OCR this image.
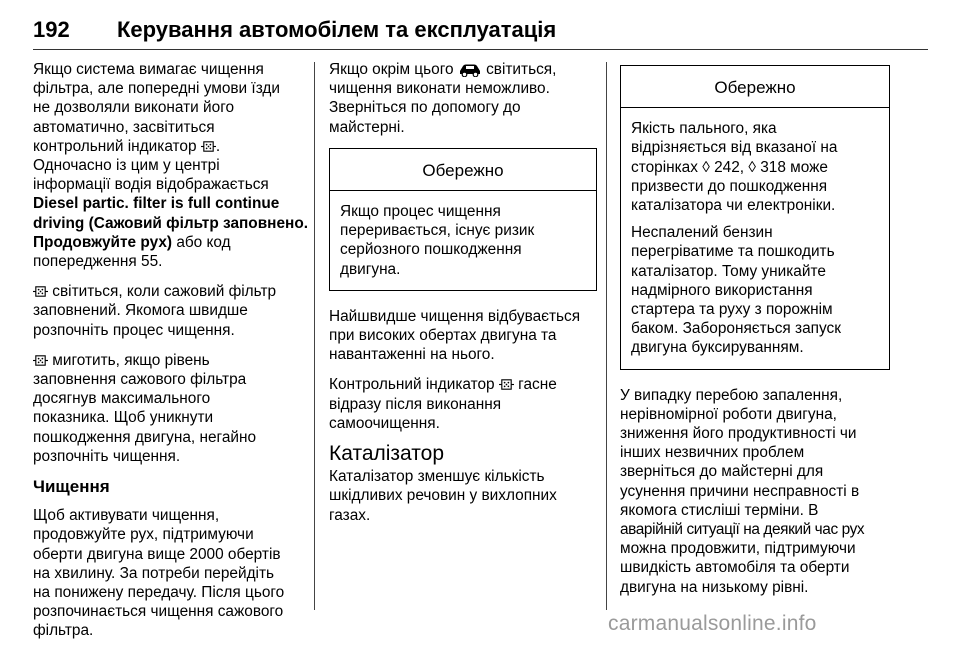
192 Керування автомобілем та експлуатація

Якщо система вимагає чищення
фільтра, але попередні умови їзди
не дозволяли виконати його
автоматично, засвітиться
контрольний індикатор .
Одночасно із цим у центрі
інформації водія відображається
Diesel partic. filter is full continue
driving (Сажовий фільтр заповнено.
Продовжуйте рух) або код
попередження 55.

світиться, коли сажовий фільтр
заповнений. Якомога швидше
розпочніть процес чищення.

миготить, якщо рівень
заповнення сажового фільтра
досягнув максимального
показника. Щоб уникнути
пошкодження двигуна, негайно
розпочніть чищення.

Чищення

Щоб активувати чищення,
продовжуйте рух, підтримуючи
оберти двигуна вище 2000 обертів
на хвилину. За потреби перейдіть
на понижену передачу. Після цього
розпочинається чищення сажового
фільтра.

Якщо окрім цього світиться,
чищення виконати неможливо.
Зверніться по допомогу до
майстерні.

Обережно

Якщо процес чищення
переривається, існує ризик
серйозного пошкодження
двигуна.

Найшвидше чищення відбувається
при високих обертах двигуна та
навантаженні на нього.

Контрольний індикатор гасне
відразу після виконання
самоочищення.

Каталізатор

Каталізатор зменшує кількість
шкідливих речовин у вихлопних
газах.

Обережно

Якість пального, яка
відрізняється від вказаної на
сторінках ◊ 242, ◊ 318 може
призвести до пошкодження
каталізатора чи електроніки.

Неспалений бензин
перегріватиме та пошкодить
каталізатор. Тому уникайте
надмірного використання
стартера та руху з порожнім
баком. Забороняється запуск
двигуна буксируванням.

У випадку перебою запалення,
нерівномірної роботи двигуна,
зниження його продуктивності чи
інших незвичних проблем
зверніться до майстерні для
усунення причини несправності в
якомога стисліші терміни. В
аварійній ситуації на деякий час рух
можна продовжити, підтримуючи
швидкість автомобіля та оберти
двигуна на низькому рівні.

carmanualsonline.info
